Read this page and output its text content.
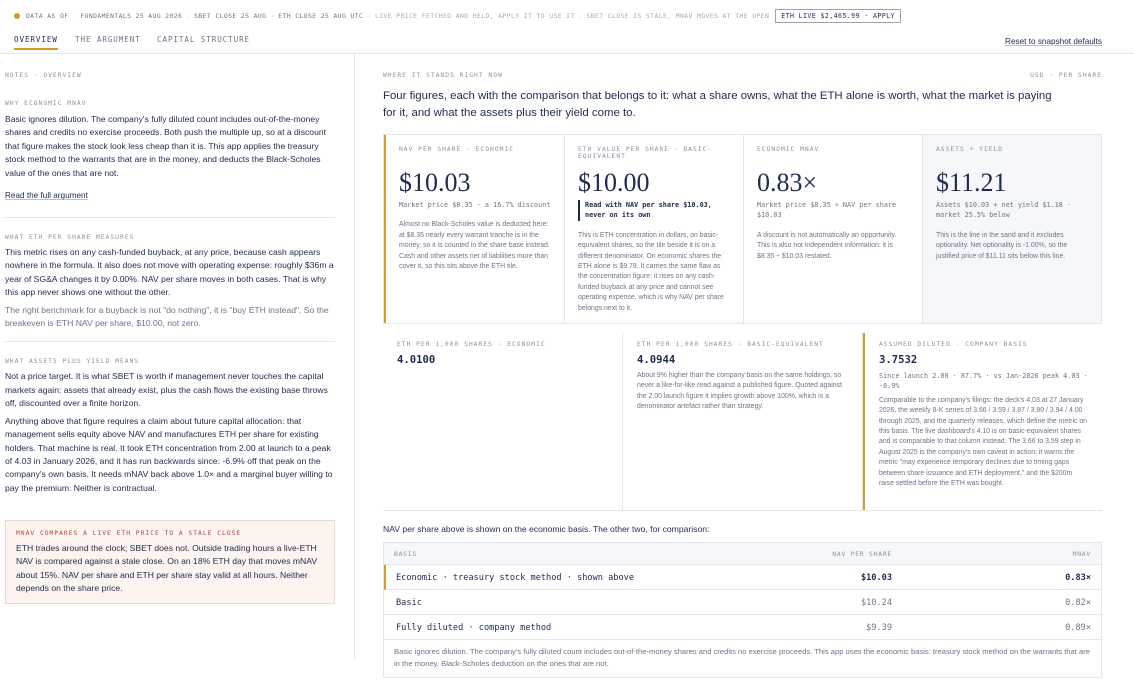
DATA AS OF · FUNDAMENTALS 25 AUG 2026 · SBET CLOSE 25 AUG · ETH CLOSE 25 AUG UTC · LIVE PRICE FETCHED AND HELD, APPLY IT TO USE IT · SBET CLOSE IS STALE, MNAV MOVES AT THE OPEN	ETH LIVE $2,465.99 · APPLY
OVERVIEW THE ARGUMENT CAPITAL STRUCTURE	Reset to snapshot defaults
NOTES · OVERVIEW
WHY ECONOMIC MNAV
Basic ignores dilution. The company's fully diluted count includes out-of-the-money shares and credits no exercise proceeds. Both push the multiple up, so at a discount that figure makes the stock look less cheap than it is. This app applies the treasury stock method to the warrants that are in the money, and deducts the Black-Scholes value of the ones that are not.
Read the full argument
WHAT ETH PER SHARE MEASURES
This metric rises on any cash-funded buyback, at any price, because cash appears nowhere in the formula. It also does not move with operating expense: roughly $36m a year of SG&A changes it by 0.00%. NAV per share moves in both cases. That is why this app never shows one without the other.
The right benchmark for a buyback is not "do nothing", it is "buy ETH instead". So the breakeven is ETH NAV per share, $10.00, not zero.
WHAT ASSETS PLUS YIELD MEANS
Not a price target. It is what SBET is worth if management never touches the capital markets again: assets that already exist, plus the cash flows the existing base throws off, discounted over a finite horizon.
Anything above that figure requires a claim about future capital allocation: that management sells equity above NAV and manufactures ETH per share for existing holders. That machine is real. It took ETH concentration from 2.00 at launch to a peak of 4.03 in January 2026, and it has run backwards since: -6.9% off that peak on the company's own basis. It needs mNAV back above 1.0× and a marginal buyer willing to pay the premium. Neither is contractual.
MNAV COMPARES A LIVE ETH PRICE TO A STALE CLOSE
ETH trades around the clock; SBET does not. Outside trading hours a live-ETH NAV is compared against a stale close. On an 18% ETH day that moves mNAV about 15%. NAV per share and ETH per share stay valid at all hours. Neither depends on the share price.
WHERE IT STANDS RIGHT NOW	USD · PER SHARE
Four figures, each with the comparison that belongs to it: what a share owns, what the ETH alone is worth, what the market is paying for it, and what the assets plus their yield come to.
NAV PER SHARE · ECONOMIC
$10.03
Market price $8.35 · a 16.7% discount
Almost no Black-Scholes value is deducted here: at $8.35 nearly every warrant tranche is in the money, so it is counted in the share base instead. Cash and other assets net of liabilities more than cover it, so this sits above the ETH tile.
ETH VALUE PER SHARE · BASIC-EQUIVALENT
$10.00
Read with NAV per share $10.03, never on its own
This is ETH concentration in dollars, on basic-equivalent shares, so the tile beside it is on a different denominator. On economic shares the ETH alone is $9.79. It carries the same flaw as the concentration figure: it rises on any cash-funded buyback at any price and cannot see operating expense, which is why NAV per share belongs next to it.
ECONOMIC MNAV
0.83×
Market price $8.35 ÷ NAV per share $10.03
A discount is not automatically an opportunity. This is also not independent information: it is $8.35 ÷ $10.03 restated.
ASSETS + YIELD
$11.21
Assets $10.03 + net yield $1.18 · market 25.5% below
This is the line in the sand and it excludes optionality. Net optionality is -1.00%, so the justified price of $11.11 sits below this line.
ETH PER 1,000 SHARES · ECONOMIC
4.0100
ETH PER 1,000 SHARES · BASIC-EQUIVALENT
4.0944
About 9% higher than the company basis on the same holdings, so never a like-for-like read against a published figure. Quoted against the 2.00 launch figure it implies growth above 100%, which is a denominator artefact rather than strategy.
ASSUMED DILUTED · COMPANY BASIS
3.7532
Since launch 2.00 · 87.7% · vs Jan-2026 peak 4.03 · -6.9%
Comparable to the company's filings: the deck's 4.03 at 27 January 2026, the weekly 8-K series of 3.66 / 3.59 / 3.87 / 3.80 / 3.94 / 4.00 through 2025, and the quarterly releases, which define the metric on this basis. The live dashboard's 4.10 is on basic-equivalent shares and is comparable to that column instead. The 3.66 to 3.59 step in August 2025 is the company's own caveat in action: it warns the metric "may experience temporary declines due to timing gaps between share issuance and ETH deployment," and the $200m raise settled before the ETH was bought.
NAV per share above is shown on the economic basis. The other two, for comparison:
BASIS	NAV PER SHARE	MNAV
Economic · treasury stock method · shown above	$10.03	0.83×
Basic	$10.24	0.82×
Fully diluted · company method	$9.39	0.89×
Basic ignores dilution. The company's fully diluted count includes out-of-the-money shares and credits no exercise proceeds. This app uses the economic basis: treasury stock method on the warrants that are in the money, Black-Scholes deduction on the ones that are not.
